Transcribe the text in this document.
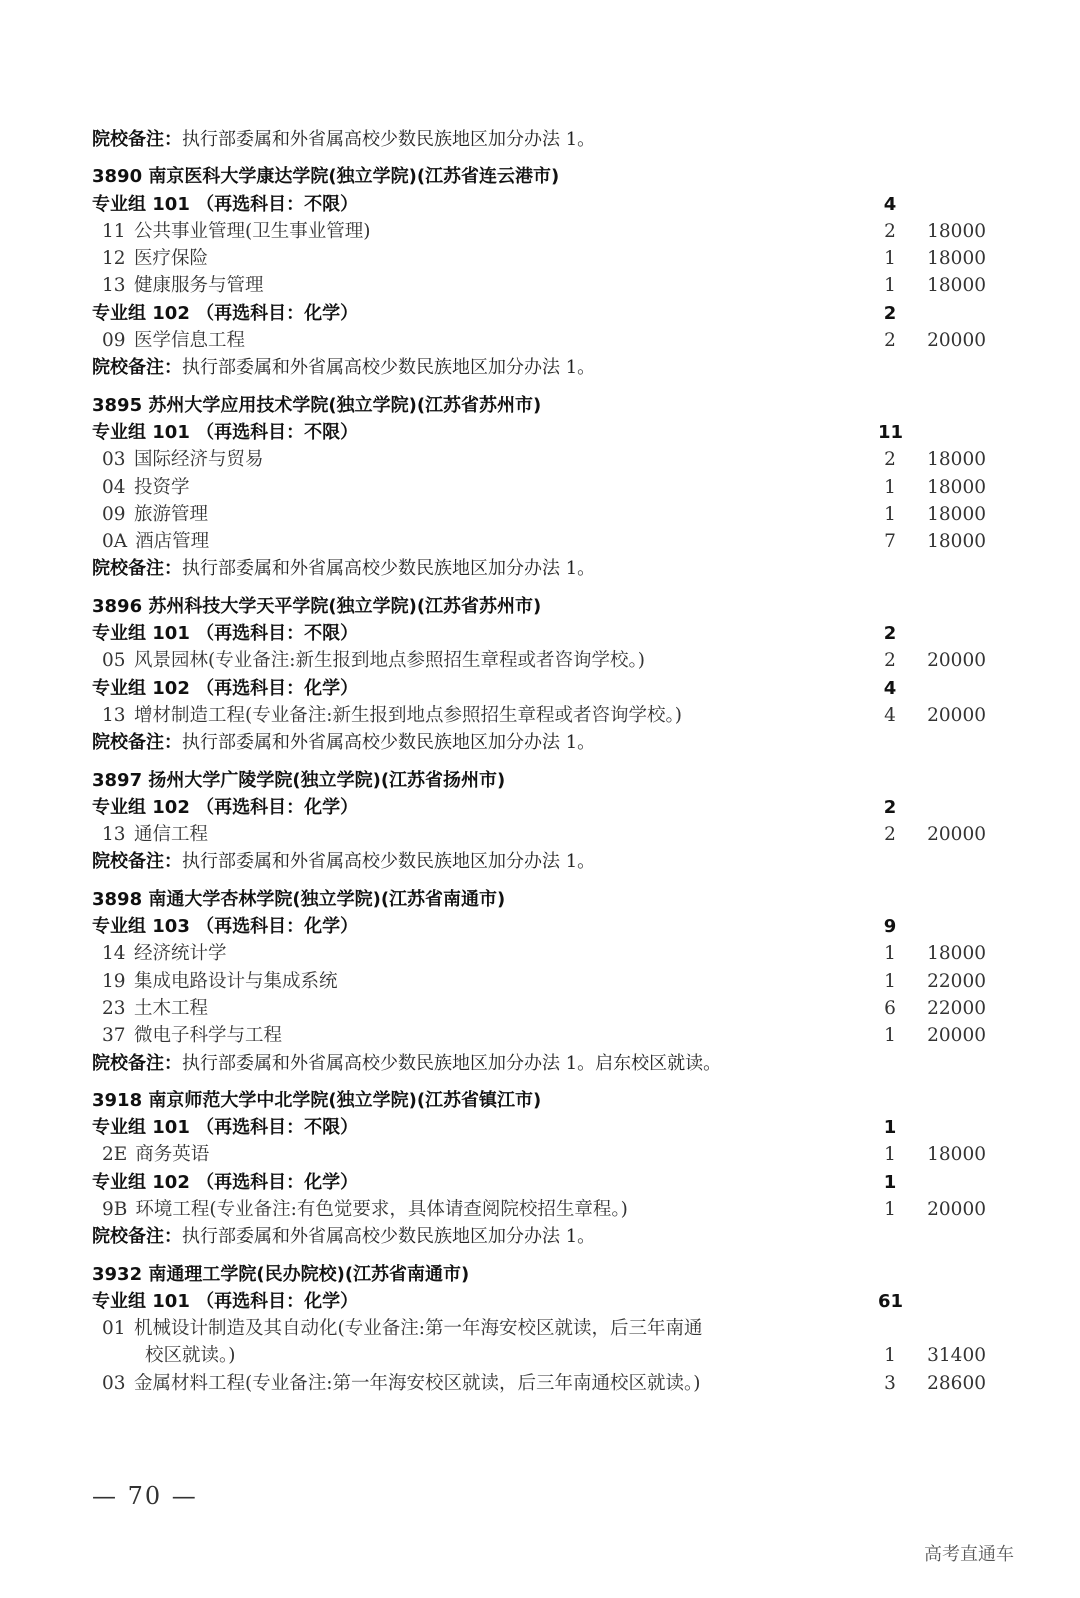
院校备注：执行部委属和外省属高校少数民族地区加分办法 1。
3890 南京医科大学康达学院(独立学院)(江苏省连云港市)
专业组 101 （再选科目：不限）	4
11 公共事业管理(卫生事业管理)	2	18000
12 医疗保险	1	18000
13 健康服务与管理	1	18000
专业组 102 （再选科目：化学）	2
09 医学信息工程	2	20000
院校备注：执行部委属和外省属高校少数民族地区加分办法 1。
3895 苏州大学应用技术学院(独立学院)(江苏省苏州市)
专业组 101 （再选科目：不限）	11
03 国际经济与贸易	2	18000
04 投资学	1	18000
09 旅游管理	1	18000
0A 酒店管理	7	18000
院校备注：执行部委属和外省属高校少数民族地区加分办法 1。
3896 苏州科技大学天平学院(独立学院)(江苏省苏州市)
专业组 101 （再选科目：不限）	2
05 风景园林(专业备注:新生报到地点参照招生章程或者咨询学校。)	2	20000
专业组 102 （再选科目：化学）	4
13 增材制造工程(专业备注:新生报到地点参照招生章程或者咨询学校。)	4	20000
院校备注：执行部委属和外省属高校少数民族地区加分办法 1。
3897 扬州大学广陵学院(独立学院)(江苏省扬州市)
专业组 102 （再选科目：化学）	2
13 通信工程	2	20000
院校备注：执行部委属和外省属高校少数民族地区加分办法 1。
3898 南通大学杏林学院(独立学院)(江苏省南通市)
专业组 103 （再选科目：化学）	9
14 经济统计学	1	18000
19 集成电路设计与集成系统	1	22000
23 土木工程	6	22000
37 微电子科学与工程	1	20000
院校备注：执行部委属和外省属高校少数民族地区加分办法 1。启东校区就读。
3918 南京师范大学中北学院(独立学院)(江苏省镇江市)
专业组 101 （再选科目：不限）	1
2E 商务英语	1	18000
专业组 102 （再选科目：化学）	1
9B 环境工程(专业备注:有色觉要求，具体请查阅院校招生章程。)	1	20000
院校备注：执行部委属和外省属高校少数民族地区加分办法 1。
3932 南通理工学院(民办院校)(江苏省南通市)
专业组 101 （再选科目：化学）	61
01 机械设计制造及其自动化(专业备注:第一年海安校区就读，后三年南通
校区就读。)	1	31400
03 金属材料工程(专业备注:第一年海安校区就读，后三年南通校区就读。)	3	28600
— 70 —
高考直通车
